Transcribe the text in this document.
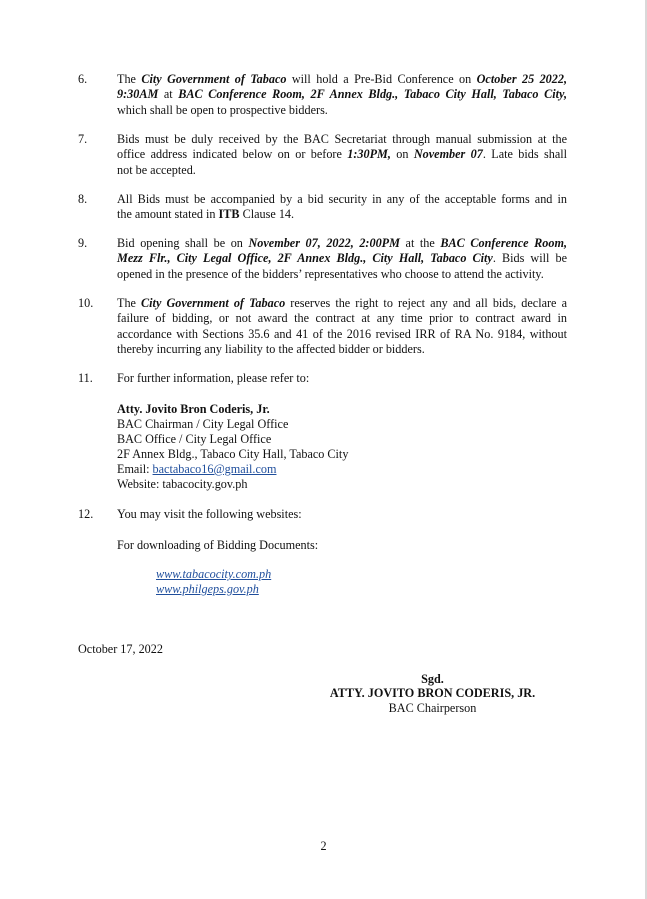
6. The City Government of Tabaco will hold a Pre-Bid Conference on October 25 2022,
9:30AM at BAC Conference Room, 2F Annex Bldg., Tabaco City Hall, Tabaco City,
which shall be open to prospective bidders.
7. Bids must be duly received by the BAC Secretariat through manual submission at the
office address indicated below on or before 1:30PM, on November 07. Late bids shall
not be accepted.
8. All Bids must be accompanied by a bid security in any of the acceptable forms and in
the amount stated in ITB Clause 14.
9. Bid opening shall be on November 07, 2022, 2:00PM at the BAC Conference Room,
Mezz Flr., City Legal Office, 2F Annex Bldg., City Hall, Tabaco City. Bids will be
opened in the presence of the bidders’ representatives who choose to attend the activity.
10. The City Government of Tabaco reserves the right to reject any and all bids, declare a
failure of bidding, or not award the contract at any time prior to contract award in
accordance with Sections 35.6 and 41 of the 2016 revised IRR of RA No. 9184, without
thereby incurring any liability to the affected bidder or bidders.
11. For further information, please refer to:
Atty. Jovito Bron Coderis, Jr.
BAC Chairman / City Legal Office
BAC Office / City Legal Office
2F Annex Bldg., Tabaco City Hall, Tabaco City
Email: bactabaco16@gmail.com
Website: tabacocity.gov.ph
12. You may visit the following websites:
For downloading of Bidding Documents:
www.tabacocity.com.ph
www.philgeps.gov.ph
October 17, 2022
Sgd.
ATTY. JOVITO BRON CODERIS, JR.
BAC Chairperson
2
